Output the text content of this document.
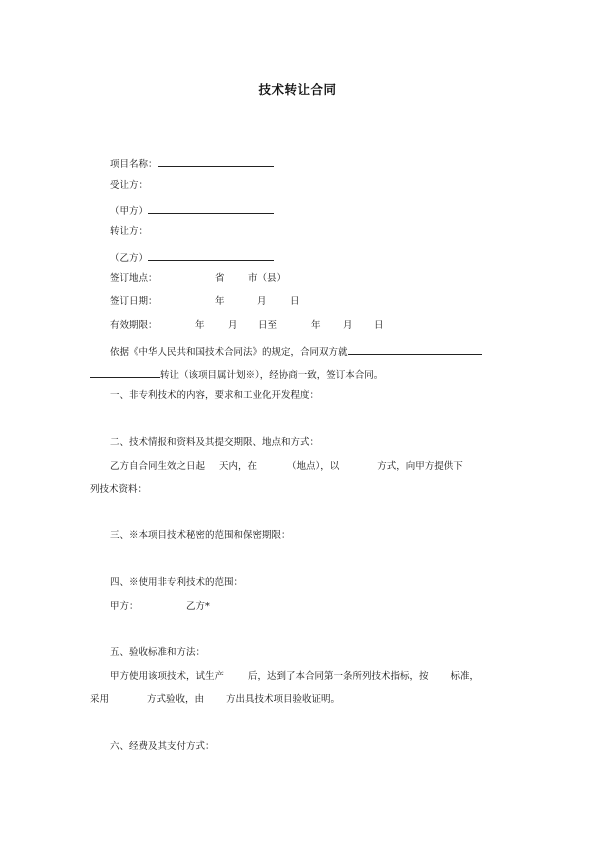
技术转让合同
项目名称：
受让方：
（甲方）
转让方：
（乙方）
签订地点：	省 市（县）
签订日期：	年	月 日
有效期限：	年 月 日至	年 月 日
依据《中华人民共和国技术合同法》的规定，合同双方就
转让（该项目属计划※），经协商一致，签订本合同。
一、非专利技术的内容，要求和工业化开发程度：
二、技术情报和资料及其提交期限、地点和方式：
乙方自合同生效之日起 天内，在	（地点），以	方式，向甲方提供下
列技术资料：
三、※本项目技术秘密的范围和保密期限：
四、※使用非专利技术的范围：
甲方：	乙方*
五、验收标准和方法：
甲方使用该项技术，试生产	后，达到了本合同第一条所列技术指标，按 标准，
采用	方式验收，由 方出具技术项目验收证明。
六、经费及其支付方式：
